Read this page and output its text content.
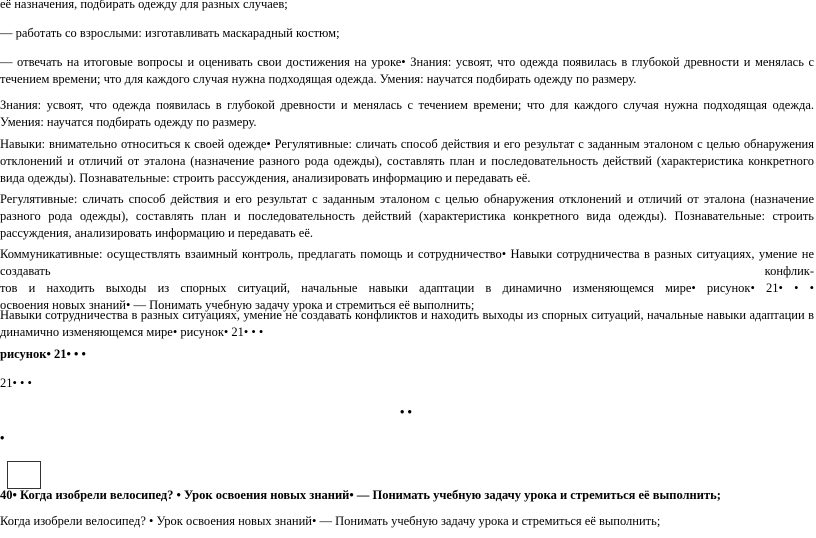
её назначения, подбирать одежду для разных случаев;

— работать со взрослыми: изготавливать маскарадный костюм;

— отвечать на итоговые вопросы и оценивать свои достижения на уроке• Знания: усвоят, что одежда появилась в глубокой древности и менялась с течением времени; что для каждого случая нужна подходящая одежда. Умения: научатся подбирать одежду по размеру.

Знания: усвоят, что одежда появилась в глубокой древности и менялась с течением времени; что для каждого случая нужна подходящая одежда. Умения: научатся подбирать одежду по размеру.

Навыки: внимательно относиться к своей одежде• Регулятивные: сличать способ действия и его результат с заданным эталоном с целью обнаружения отклонений и отличий от эталона (назначение разного рода одежды), составлять план и последовательность действий (характеристика конкретного вида одежды). Познавательные: строить рассуждения, анализировать информацию и передавать её.

Регулятивные: сличать способ действия и его результат с заданным эталоном с целью обнаружения отклонений и отличий от эталона (назначение разного рода одежды), составлять план и последовательность действий (характеристика конкретного вида одежды). Познавательные: строить рассуждения, анализировать информацию и передавать её.

Коммуникативные: осуществлять взаимный контроль, предлагать помощь и сотрудничество• Навыки сотрудничества в разных ситуациях, умение не создавать конфлик-
тов и находить выходы из спорных ситуаций, начальные навыки адаптации в динамично изменяющемся мире• рисунок• 21• • •
освоения новых знаний• — Понимать учебную задачу урока и стремиться её выполнить;

Навыки сотрудничества в разных ситуациях, умение не создавать конфликтов и находить выходы из спорных ситуаций, начальные навыки адаптации в динамично изменяющемся мире• рисунок• 21• • •

рисунок• 21• • •

21• • •

• •

•

40• Когда изобрели велосипед? • Урок освоения новых знаний• — Понимать учебную задачу урока и стремиться её выполнить;

Когда изобрели велосипед? • Урок освоения новых знаний• — Понимать учебную задачу урока и стремиться её выполнить;
